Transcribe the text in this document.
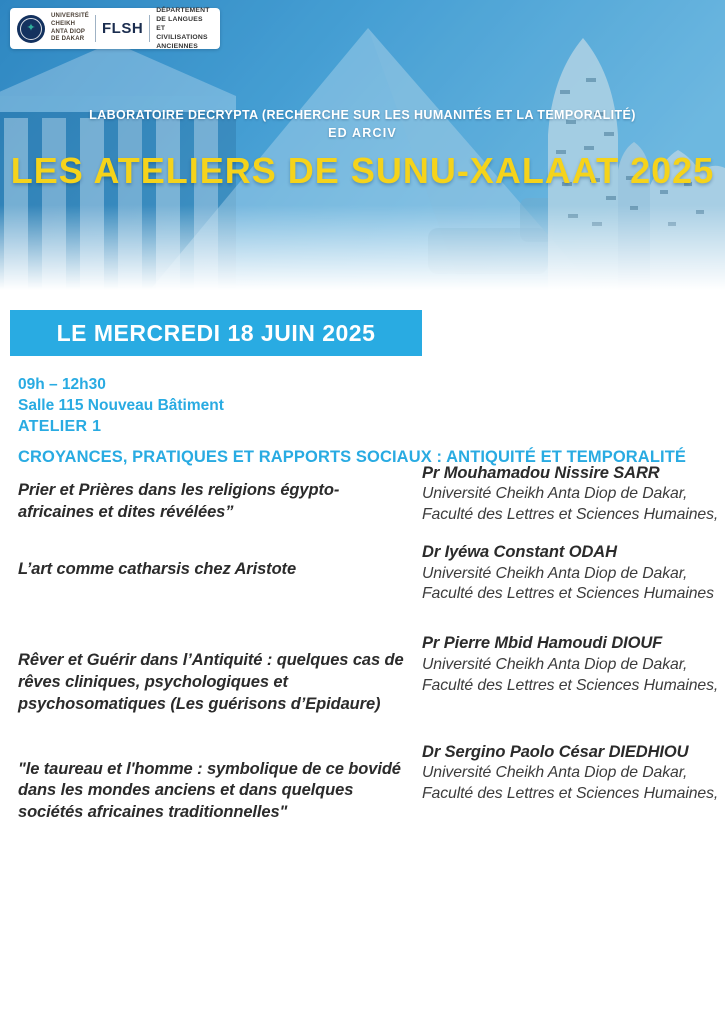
✦
UNIVERSITÉ
CHEIKH ANTA DIOP
DE DAKAR
FLSH
DÉPARTEMENT DE LANGUES
ET CIVILISATIONS ANCIENNES
LABORATOIRE DECRYPTA (RECHERCHE SUR LES HUMANITÉS ET LA TEMPORALITÉ)
ED ARCIV
LES ATELIERS DE SUNU-XALAAT 2025
LE MERCREDI 18 JUIN 2025
09h – 12h30
Salle 115 Nouveau Bâtiment
ATELIER 1
CROYANCES, PRATIQUES ET RAPPORTS SOCIAUX : ANTIQUITÉ ET TEMPORALITÉ
Prier et Prières dans les religions égypto-africaines et dites révélées”
Pr Mouhamadou Nissire SARR
Université Cheikh Anta Diop de Dakar, Faculté des Lettres et Sciences Humaines,
L’art comme catharsis chez Aristote
Dr Iyéwa Constant ODAH
Université Cheikh Anta Diop de Dakar, Faculté des Lettres et Sciences Humaines
Rêver et Guérir dans l’Antiquité : quelques cas de rêves cliniques, psychologiques et psychosomatiques (Les guérisons d’Epidaure)
Pr Pierre Mbid Hamoudi DIOUF
Université Cheikh Anta Diop de Dakar, Faculté des Lettres et Sciences Humaines,
"le taureau et l'homme : symbolique de ce bovidé dans les mondes anciens et dans quelques sociétés africaines traditionnelles"
Dr Sergino Paolo César DIEDHIOU
Université Cheikh Anta Diop de Dakar, Faculté des Lettres et Sciences Humaines,
